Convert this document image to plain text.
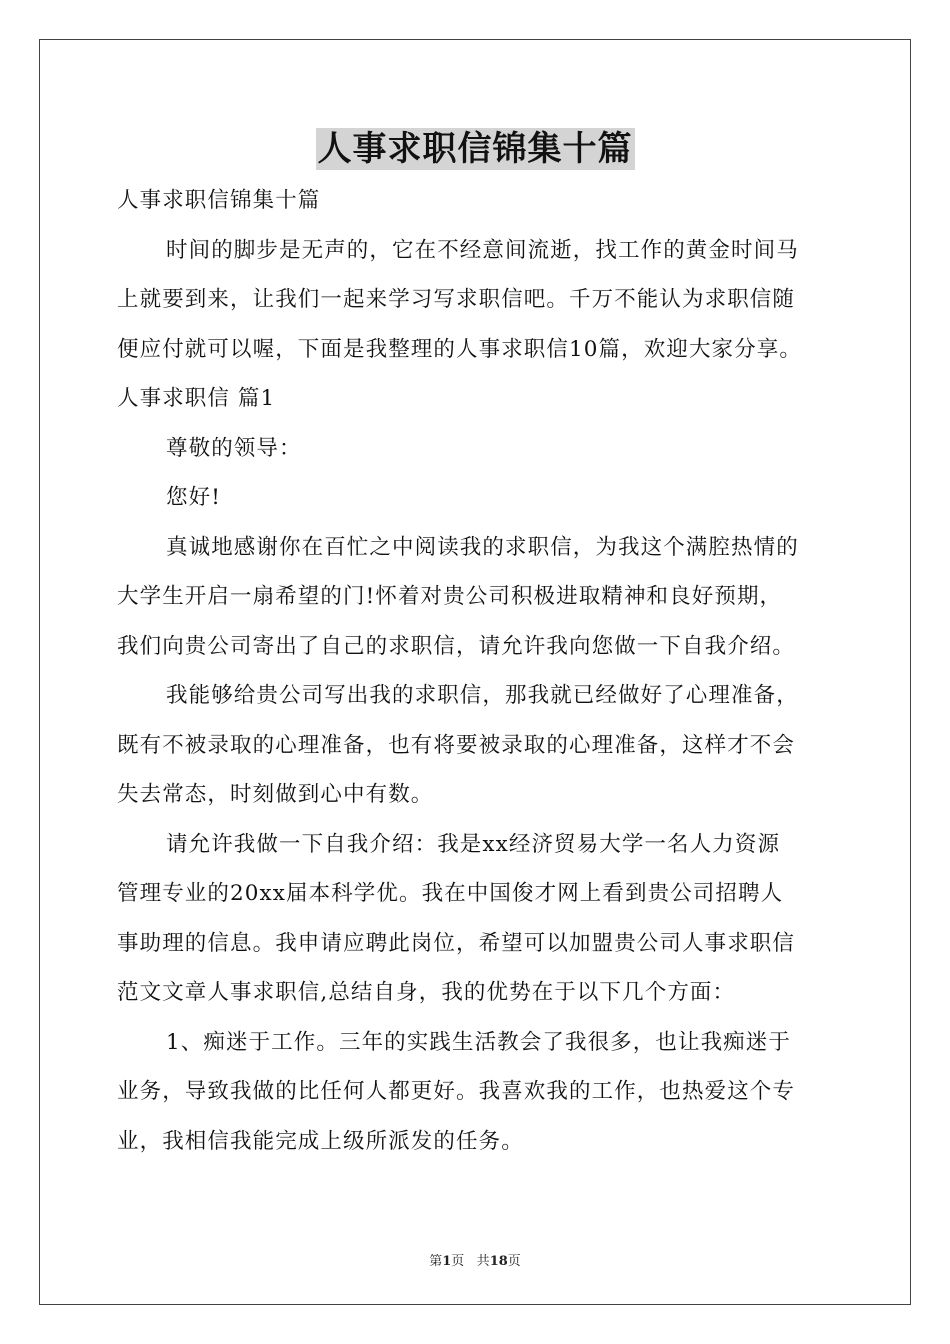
人事求职信锦集十篇
人事求职信锦集十篇
时间的脚步是无声的，它在不经意间流逝，找工作的黄金时间马
上就要到来，让我们一起来学习写求职信吧。千万不能认为求职信随
便应付就可以喔，下面是我整理的人事求职信10篇，欢迎大家分享。
人事求职信 篇1
尊敬的领导：
您好!
真诚地感谢你在百忙之中阅读我的求职信，为我这个满腔热情的
大学生开启一扇希望的门!怀着对贵公司积极进取精神和良好预期，
我们向贵公司寄出了自己的求职信，请允许我向您做一下自我介绍。
我能够给贵公司写出我的求职信，那我就已经做好了心理准备，
既有不被录取的心理准备，也有将要被录取的心理准备，这样才不会
失去常态，时刻做到心中有数。
请允许我做一下自我介绍：我是xx经济贸易大学一名人力资源
管理专业的20xx届本科学优。我在中国俊才网上看到贵公司招聘人
事助理的信息。我申请应聘此岗位，希望可以加盟贵公司人事求职信
范文文章人事求职信,总结自身，我的优势在于以下几个方面：
1、痴迷于工作。三年的实践生活教会了我很多，也让我痴迷于
业务，导致我做的比任何人都更好。我喜欢我的工作，也热爱这个专
业，我相信我能完成上级所派发的任务。
第1页 共18页
